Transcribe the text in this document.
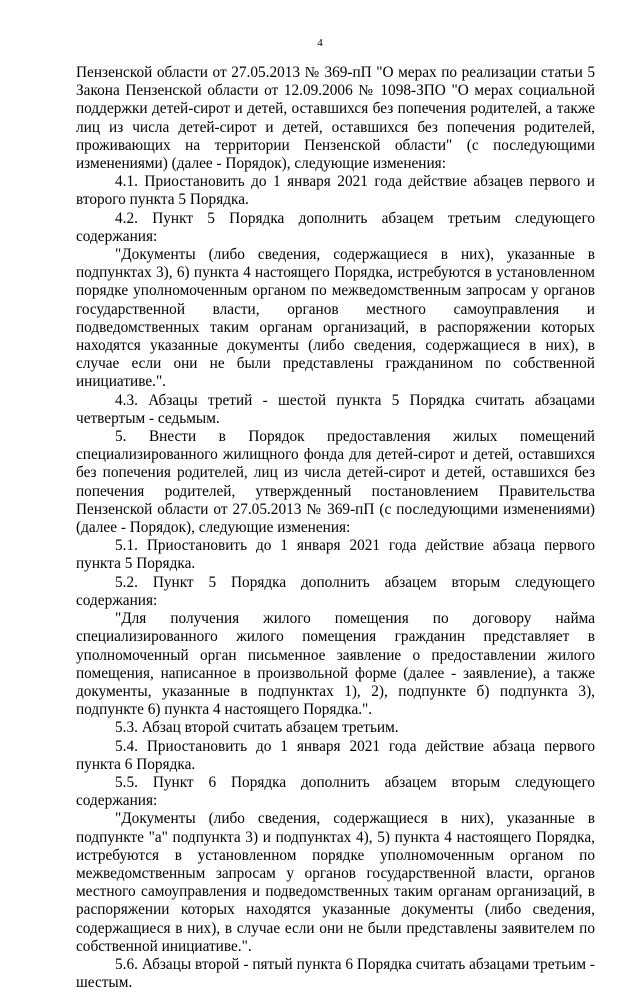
4

Пензенской области от 27.05.2013 № 369-пП "О мерах по реализации статьи 5 Закона Пензенской области от 12.09.2006 № 1098-ЗПО "О мерах социальной поддержки детей-сирот и детей, оставшихся без попечения родителей, а также лиц из числа детей-сирот и детей, оставшихся без попечения родителей, проживающих на территории Пензенской области" (с последующими изменениями) (далее - Порядок), следующие изменения:

4.1. Приостановить до 1 января 2021 года действие абзацев первого и второго пункта 5 Порядка.

4.2. Пункт 5 Порядка дополнить абзацем третьим следующего содержания:

"Документы (либо сведения, содержащиеся в них), указанные в подпунктах 3), 6) пункта 4 настоящего Порядка, истребуются в установленном порядке уполномоченным органом по межведомственным запросам у органов государственной власти, органов местного самоуправления и подведомственных таким органам организаций, в распоряжении которых находятся указанные документы (либо сведения, содержащиеся в них), в случае если они не были представлены гражданином по собственной инициативе.".

4.3. Абзацы третий - шестой пункта 5 Порядка считать абзацами четвертым - седьмым.

5. Внести в Порядок предоставления жилых помещений специализированного жилищного фонда для детей-сирот и детей, оставшихся без попечения родителей, лиц из числа детей-сирот и детей, оставшихся без попечения родителей, утвержденный постановлением Правительства Пензенской области от 27.05.2013 № 369-пП (с последующими изменениями) (далее - Порядок), следующие изменения:

5.1. Приостановить до 1 января 2021 года действие абзаца первого пункта 5 Порядка.

5.2. Пункт 5 Порядка дополнить абзацем вторым следующего содержания:

"Для получения жилого помещения по договору найма специализированного жилого помещения гражданин представляет в уполномоченный орган письменное заявление о предоставлении жилого помещения, написанное в произвольной форме (далее - заявление), а также документы, указанные в подпунктах 1), 2), подпункте б) подпункта 3), подпункте 6) пункта 4 настоящего Порядка.".

5.3. Абзац второй считать абзацем третьим.

5.4. Приостановить до 1 января 2021 года действие абзаца первого пункта 6 Порядка.

5.5. Пункт 6 Порядка дополнить абзацем вторым следующего содержания:

"Документы (либо сведения, содержащиеся в них), указанные в подпункте "а" подпункта 3) и подпунктах 4), 5) пункта 4 настоящего Порядка, истребуются в установленном порядке уполномоченным органом по межведомственным запросам у органов государственной власти, органов местного самоуправления и подведомственных таким органам организаций, в распоряжении которых находятся указанные документы (либо сведения, содержащиеся в них), в случае если они не были представлены заявителем по собственной инициативе.".

5.6. Абзацы второй - пятый пункта 6 Порядка считать абзацами третьим - шестым.
